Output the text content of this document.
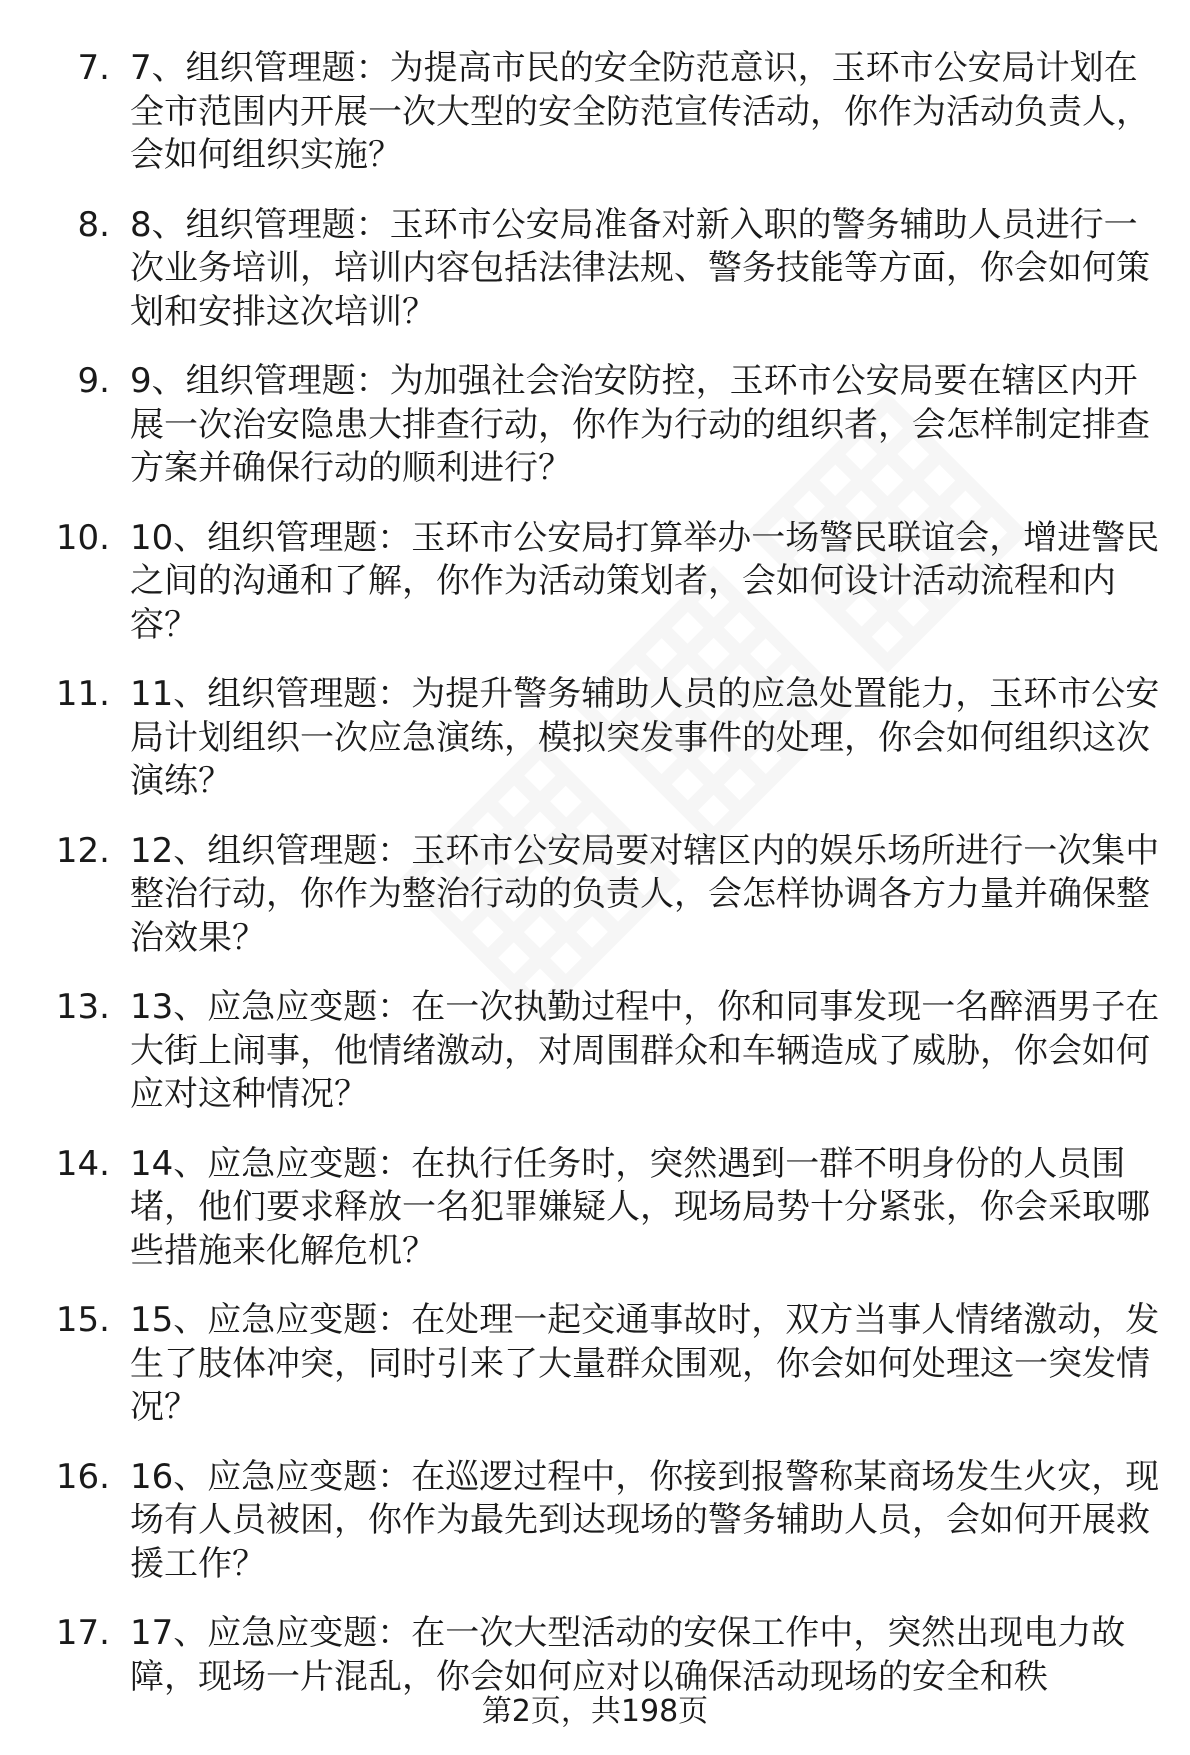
7. 7、组织管理题：为提高市民的安全防范意识，玉环市公安局计划在全市范围内开展一次大型的安全防范宣传活动，你作为活动负责人，会如何组织实施？
8. 8、组织管理题：玉环市公安局准备对新入职的警务辅助人员进行一次业务培训，培训内容包括法律法规、警务技能等方面，你会如何策划和安排这次培训？
9. 9、组织管理题：为加强社会治安防控，玉环市公安局要在辖区内开展一次治安隐患大排查行动，你作为行动的组织者，会怎样制定排查方案并确保行动的顺利进行？
10. 10、组织管理题：玉环市公安局打算举办一场警民联谊会，增进警民之间的沟通和了解，你作为活动策划者，会如何设计活动流程和内容？
11. 11、组织管理题：为提升警务辅助人员的应急处置能力，玉环市公安局计划组织一次应急演练，模拟突发事件的处理，你会如何组织这次演练？
12. 12、组织管理题：玉环市公安局要对辖区内的娱乐场所进行一次集中整治行动，你作为整治行动的负责人，会怎样协调各方力量并确保整治效果？
13. 13、应急应变题：在一次执勤过程中，你和同事发现一名醉酒男子在大街上闹事，他情绪激动，对周围群众和车辆造成了威胁，你会如何应对这种情况？
14. 14、应急应变题：在执行任务时，突然遇到一群不明身份的人员围堵，他们要求释放一名犯罪嫌疑人，现场局势十分紧张，你会采取哪些措施来化解危机？
15. 15、应急应变题：在处理一起交通事故时，双方当事人情绪激动，发生了肢体冲突，同时引来了大量群众围观，你会如何处理这一突发情况？
16. 16、应急应变题：在巡逻过程中，你接到报警称某商场发生火灾，现场有人员被困，你作为最先到达现场的警务辅助人员，会如何开展救援工作？
17. 17、应急应变题：在一次大型活动的安保工作中，突然出现电力故障，现场一片混乱，你会如何应对以确保活动现场的安全和秩
第2页，共198页
